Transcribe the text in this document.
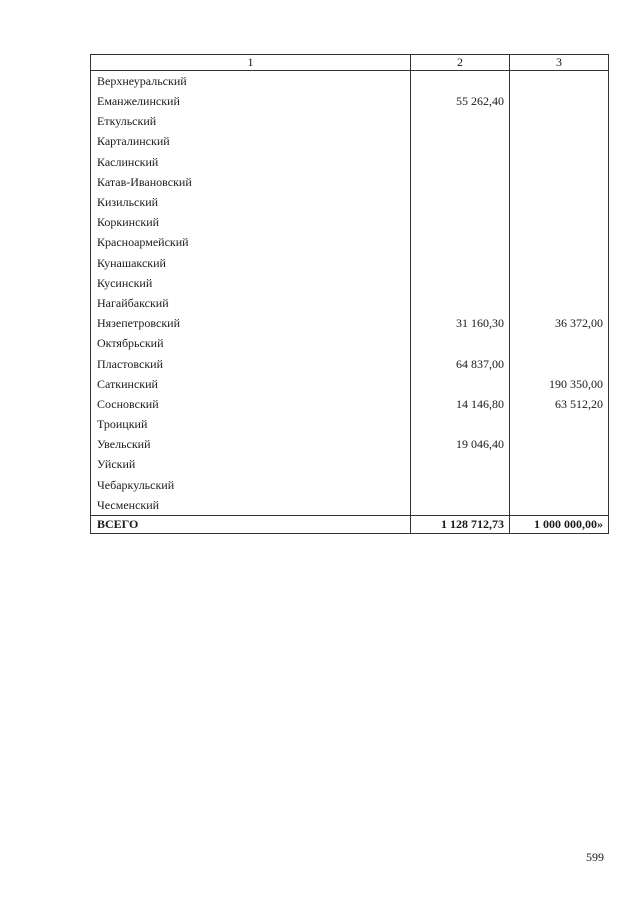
1	2	3
Верхнеуральский		
Еманжелинский	55 262,40	
Еткульский		
Карталинский		
Каслинский		
Катав-Ивановский		
Кизильский		
Коркинский		
Красноармейский		
Кунашакский		
Кусинский		
Нагайбакский		
Нязепетровский	31 160,30	36 372,00
Октябрьский		
Пластовский	64 837,00	
Саткинский		190 350,00
Сосновский	14 146,80	63 512,20
Троицкий		
Увельский	19 046,40	
Уйский		
Чебаркульский		
Чесменский		
ВСЕГО	1 128 712,73	1 000 000,00»
599
